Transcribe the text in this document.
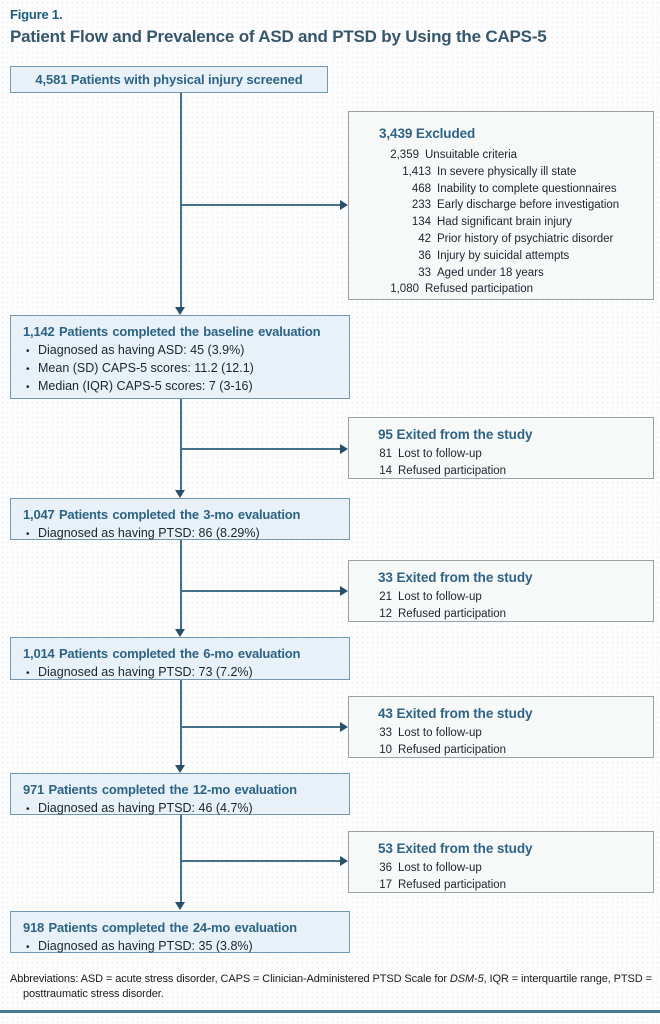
Figure 1.
Patient Flow and Prevalence of ASD and PTSD by Using the CAPS-5
4,581 Patients with physical injury screened
3,439 Excluded
2,359 Unsuitable criteria
1,413 In severe physically ill state
468 Inability to complete questionnaires
233 Early discharge before investigation
134 Had significant brain injury
42 Prior history of psychiatric disorder
36 Injury by suicidal attempts
33 Aged under 18 years
1,080 Refused participation
1,142 Patients completed the baseline evaluation
•
Diagnosed as having ASD: 45 (3.9%)
•
Mean (SD) CAPS-5 scores: 11.2 (12.1)
•
Median (IQR) CAPS-5 scores: 7 (3-16)
95 Exited from the study
81 Lost to follow-up
14 Refused participation
1,047 Patients completed the 3-mo evaluation
•
Diagnosed as having PTSD: 86 (8.29%)
33 Exited from the study
21 Lost to follow-up
12 Refused participation
1,014 Patients completed the 6-mo evaluation
•
Diagnosed as having PTSD: 73 (7.2%)
43 Exited from the study
33 Lost to follow-up
10 Refused participation
971 Patients completed the 12-mo evaluation
•
Diagnosed as having PTSD: 46 (4.7%)
53 Exited from the study
36 Lost to follow-up
17 Refused participation
918 Patients completed the 24-mo evaluation
•
Diagnosed as having PTSD: 35 (3.8%)
Abbreviations: ASD = acute stress disorder, CAPS = Clinician-Administered PTSD Scale for DSM-5, IQR = interquartile range, PTSD = posttraumatic stress disorder.
